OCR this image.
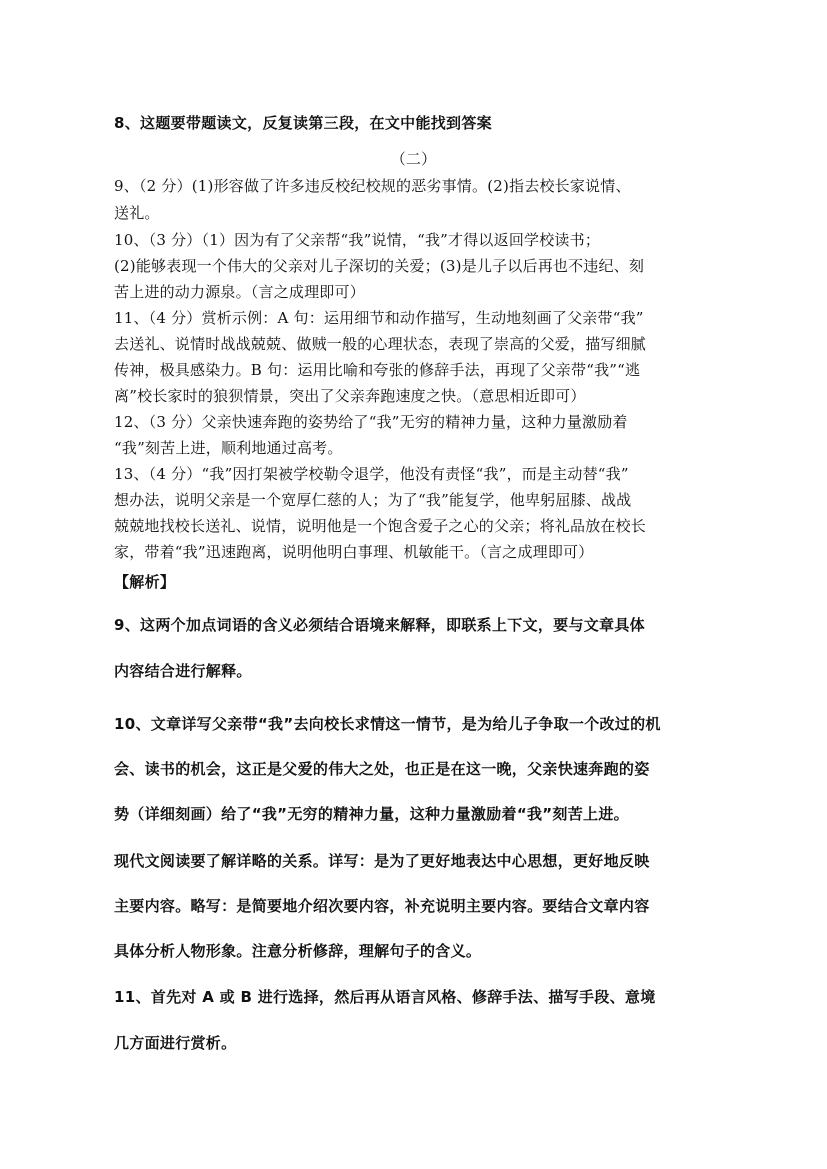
8、这题要带题读文，反复读第三段，在文中能找到答案

（二）

9、（2 分）(1)形容做了许多违反校纪校规的恶劣事情。(2)指去校长家说情、

送礼。

10、（3 分）（1）因为有了父亲帮“我”说情，“我”才得以返回学校读书；

(2)能够表现一个伟大的父亲对儿子深切的关爱；(3)是儿子以后再也不违纪、刻

苦上进的动力源泉。（言之成理即可）

11、（4 分）赏析示例：A 句：运用细节和动作描写，生动地刻画了父亲带“我”

去送礼、说情时战战兢兢、做贼一般的心理状态，表现了崇高的父爱，描写细腻

传神，极具感染力。B 句：运用比喻和夸张的修辞手法，再现了父亲带“我”“逃

离”校长家时的狼狈情景，突出了父亲奔跑速度之快。（意思相近即可）

12、（3 分）父亲快速奔跑的姿势给了“我”无穷的精神力量，这种力量激励着

“我”刻苦上进，顺利地通过高考。

13、（4 分）“我”因打架被学校勒令退学，他没有责怪“我”，而是主动替“我”

想办法，说明父亲是一个宽厚仁慈的人；为了“我”能复学，他卑躬屈膝、战战

兢兢地找校长送礼、说情，说明他是一个饱含爱子之心的父亲；将礼品放在校长

家，带着“我”迅速跑离，说明他明白事理、机敏能干。（言之成理即可）

【解析】

9、这两个加点词语的含义必须结合语境来解释，即联系上下文，要与文章具体

内容结合进行解释。

10、文章详写父亲带“我”去向校长求情这一情节，是为给儿子争取一个改过的机

会、读书的机会，这正是父爱的伟大之处，也正是在这一晚，父亲快速奔跑的姿

势（详细刻画）给了“我”无穷的精神力量，这种力量激励着“我”刻苦上进。

现代文阅读要了解详略的关系。详写：是为了更好地表达中心思想，更好地反映

主要内容。略写：是简要地介绍次要内容，补充说明主要内容。要结合文章内容

具体分析人物形象。注意分析修辞，理解句子的含义。

11、首先对 A 或 B 进行选择，然后再从语言风格、修辞手法、描写手段、意境

几方面进行赏析。
